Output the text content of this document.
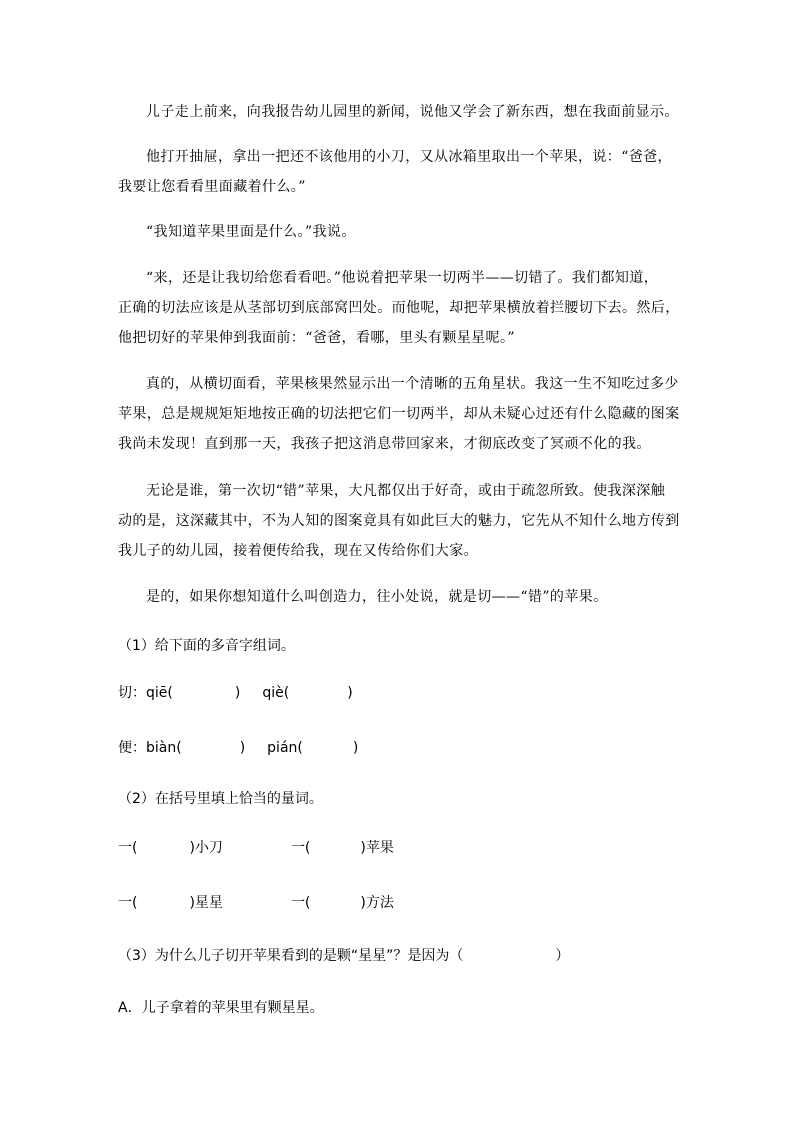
儿子走上前来，向我报告幼儿园里的新闻，说他又学会了新东西，想在我面前显示。
他打开抽屉，拿出一把还不该他用的小刀，又从冰箱里取出一个苹果，说：“爸爸，
我要让您看看里面藏着什么。”
“我知道苹果里面是什么。”我说。
“来，还是让我切给您看看吧。”他说着把苹果一切两半——切错了。我们都知道，
正确的切法应该是从茎部切到底部窝凹处。而他呢，却把苹果横放着拦腰切下去。然后，
他把切好的苹果伸到我面前：“爸爸，看哪，里头有颗星星呢。”
真的，从横切面看，苹果核果然显示出一个清晰的五角星状。我这一生不知吃过多少
苹果，总是规规矩矩地按正确的切法把它们一切两半，却从未疑心过还有什么隐藏的图案
我尚未发现！直到那一天，我孩子把这消息带回家来，才彻底改变了冥顽不化的我。
无论是谁，第一次切“错”苹果，大凡都仅出于好奇，或由于疏忽所致。使我深深触
动的是，这深藏其中，不为人知的图案竟具有如此巨大的魅力，它先从不知什么地方传到
我儿子的幼儿园，接着便传给我，现在又传给你们大家。
是的，如果你想知道什么叫创造力，往小处说，就是切——“错”的苹果。
（1）给下面的多音字组词。
切：qiē(	) qiè(	)
便：biàn(	) pián(	)
（2）在括号里填上恰当的量词。
一(	)小刀	一(	)苹果
一(	)星星	一(	)方法
（3）为什么儿子切开苹果看到的是颗“星星”？是因为（	）
A．儿子拿着的苹果里有颗星星。
